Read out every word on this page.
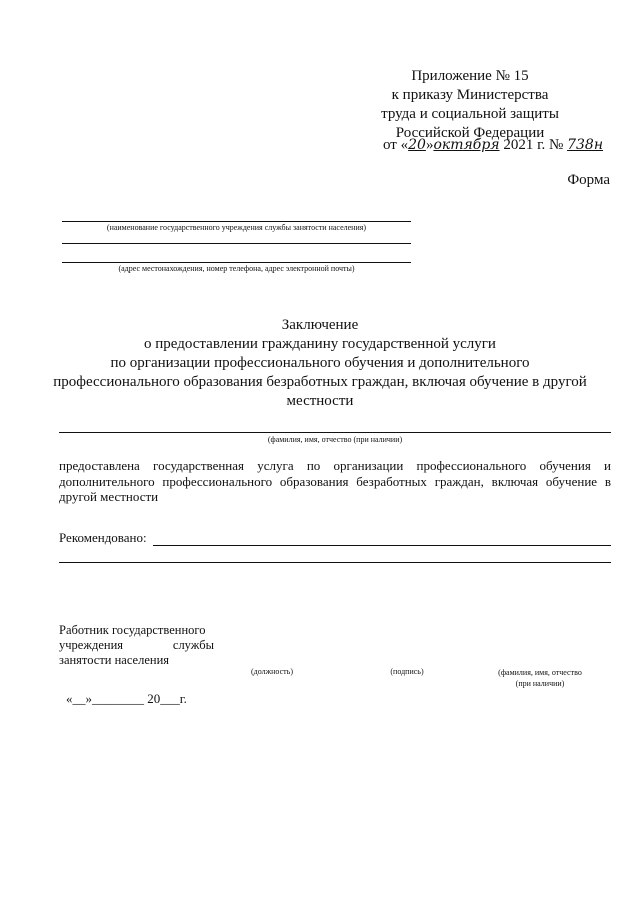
Приложение № 15
к приказу Министерства
труда и социальной защиты
Российской Федерации
от «20»октября 2021 г. № 738н
Форма
(наименование государственного учреждения службы занятости населения)
(адрес местонахождения, номер телефона, адрес электронной почты)
Заключение
о предоставлении гражданину государственной услуги
по организации профессионального обучения и дополнительного
профессионального образования безработных граждан, включая обучение в другой
местности
(фамилия, имя, отчество (при наличии)
предоставлена государственная услуга по организации профессионального обучения и дополнительного профессионального образования безработных граждан, включая обучение в другой местности
Рекомендовано:
Работник государственного
учреждения службы
занятости населения
(должность)	(подпись)	(фамилия, имя, отчество
(при наличии)
«__»________ 20___г.
